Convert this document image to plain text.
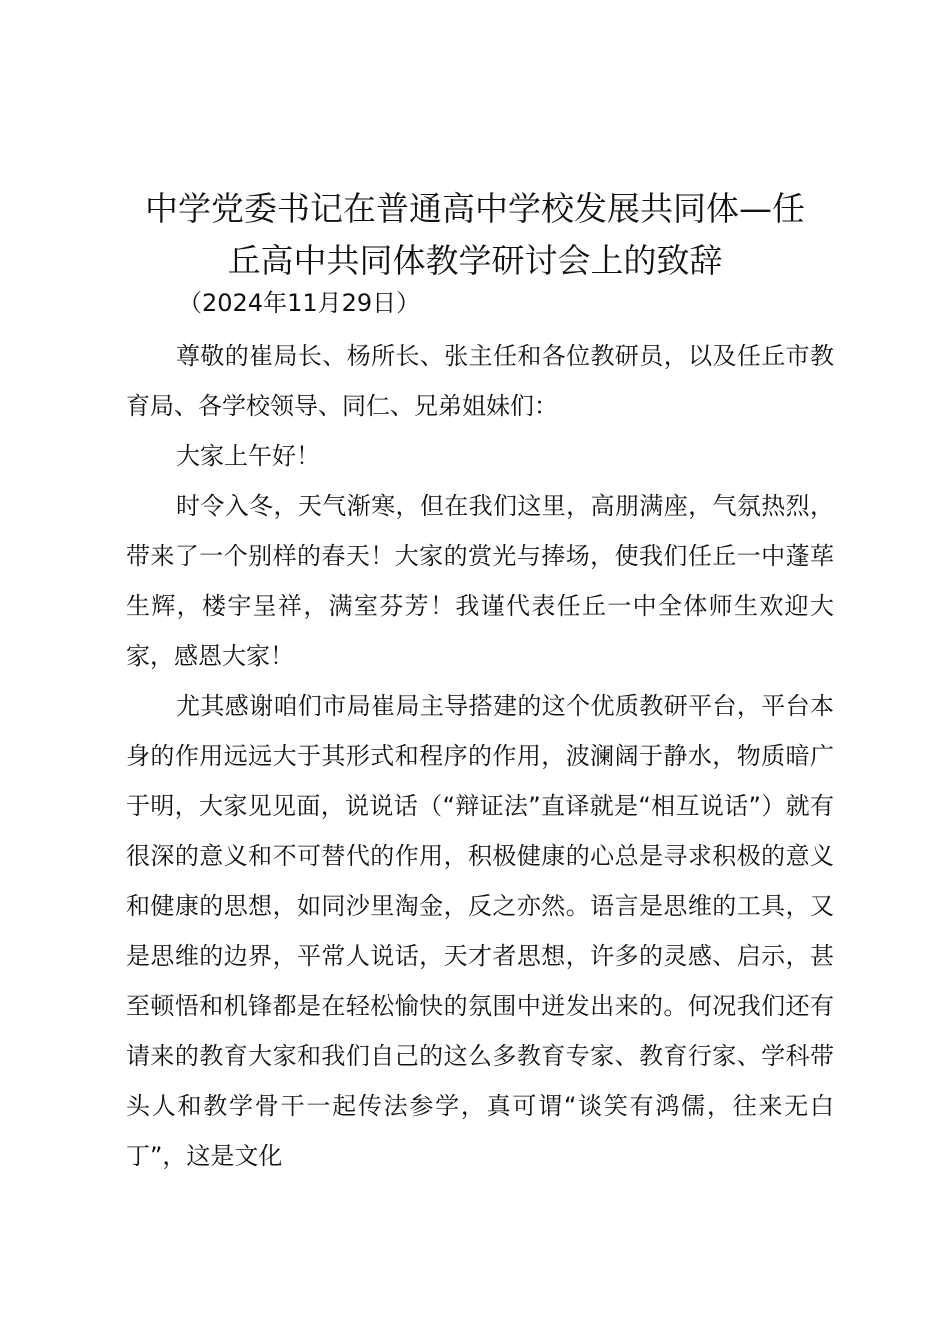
中学党委书记在普通高中学校发展共同体—任
丘高中共同体教学研讨会上的致辞

（2024年11月29日）

尊敬的崔局长、杨所长、张主任和各位教研员，以及任丘市教育局、各学校领导、同仁、兄弟姐妹们：

大家上午好！

时令入冬，天气渐寒，但在我们这里，高朋满座，气氛热烈，带来了一个别样的春天！大家的赏光与捧场，使我们任丘一中蓬荜生辉，楼宇呈祥，满室芬芳！我谨代表任丘一中全体师生欢迎大家，感恩大家！

尤其感谢咱们市局崔局主导搭建的这个优质教研平台，平台本身的作用远远大于其形式和程序的作用，波澜阔于静水，物质暗广于明，大家见见面，说说话（“辩证法”直译就是“相互说话”）就有很深的意义和不可替代的作用，积极健康的心总是寻求积极的意义和健康的思想，如同沙里淘金，反之亦然。语言是思维的工具，又是思维的边界，平常人说话，天才者思想，许多的灵感、启示，甚至顿悟和机锋都是在轻松愉快的氛围中迸发出来的。何况我们还有请来的教育大家和我们自己的这么多教育专家、教育行家、学科带头人和教学骨干一起传法参学，真可谓“谈笑有鸿儒，往来无白丁”，这是文化
